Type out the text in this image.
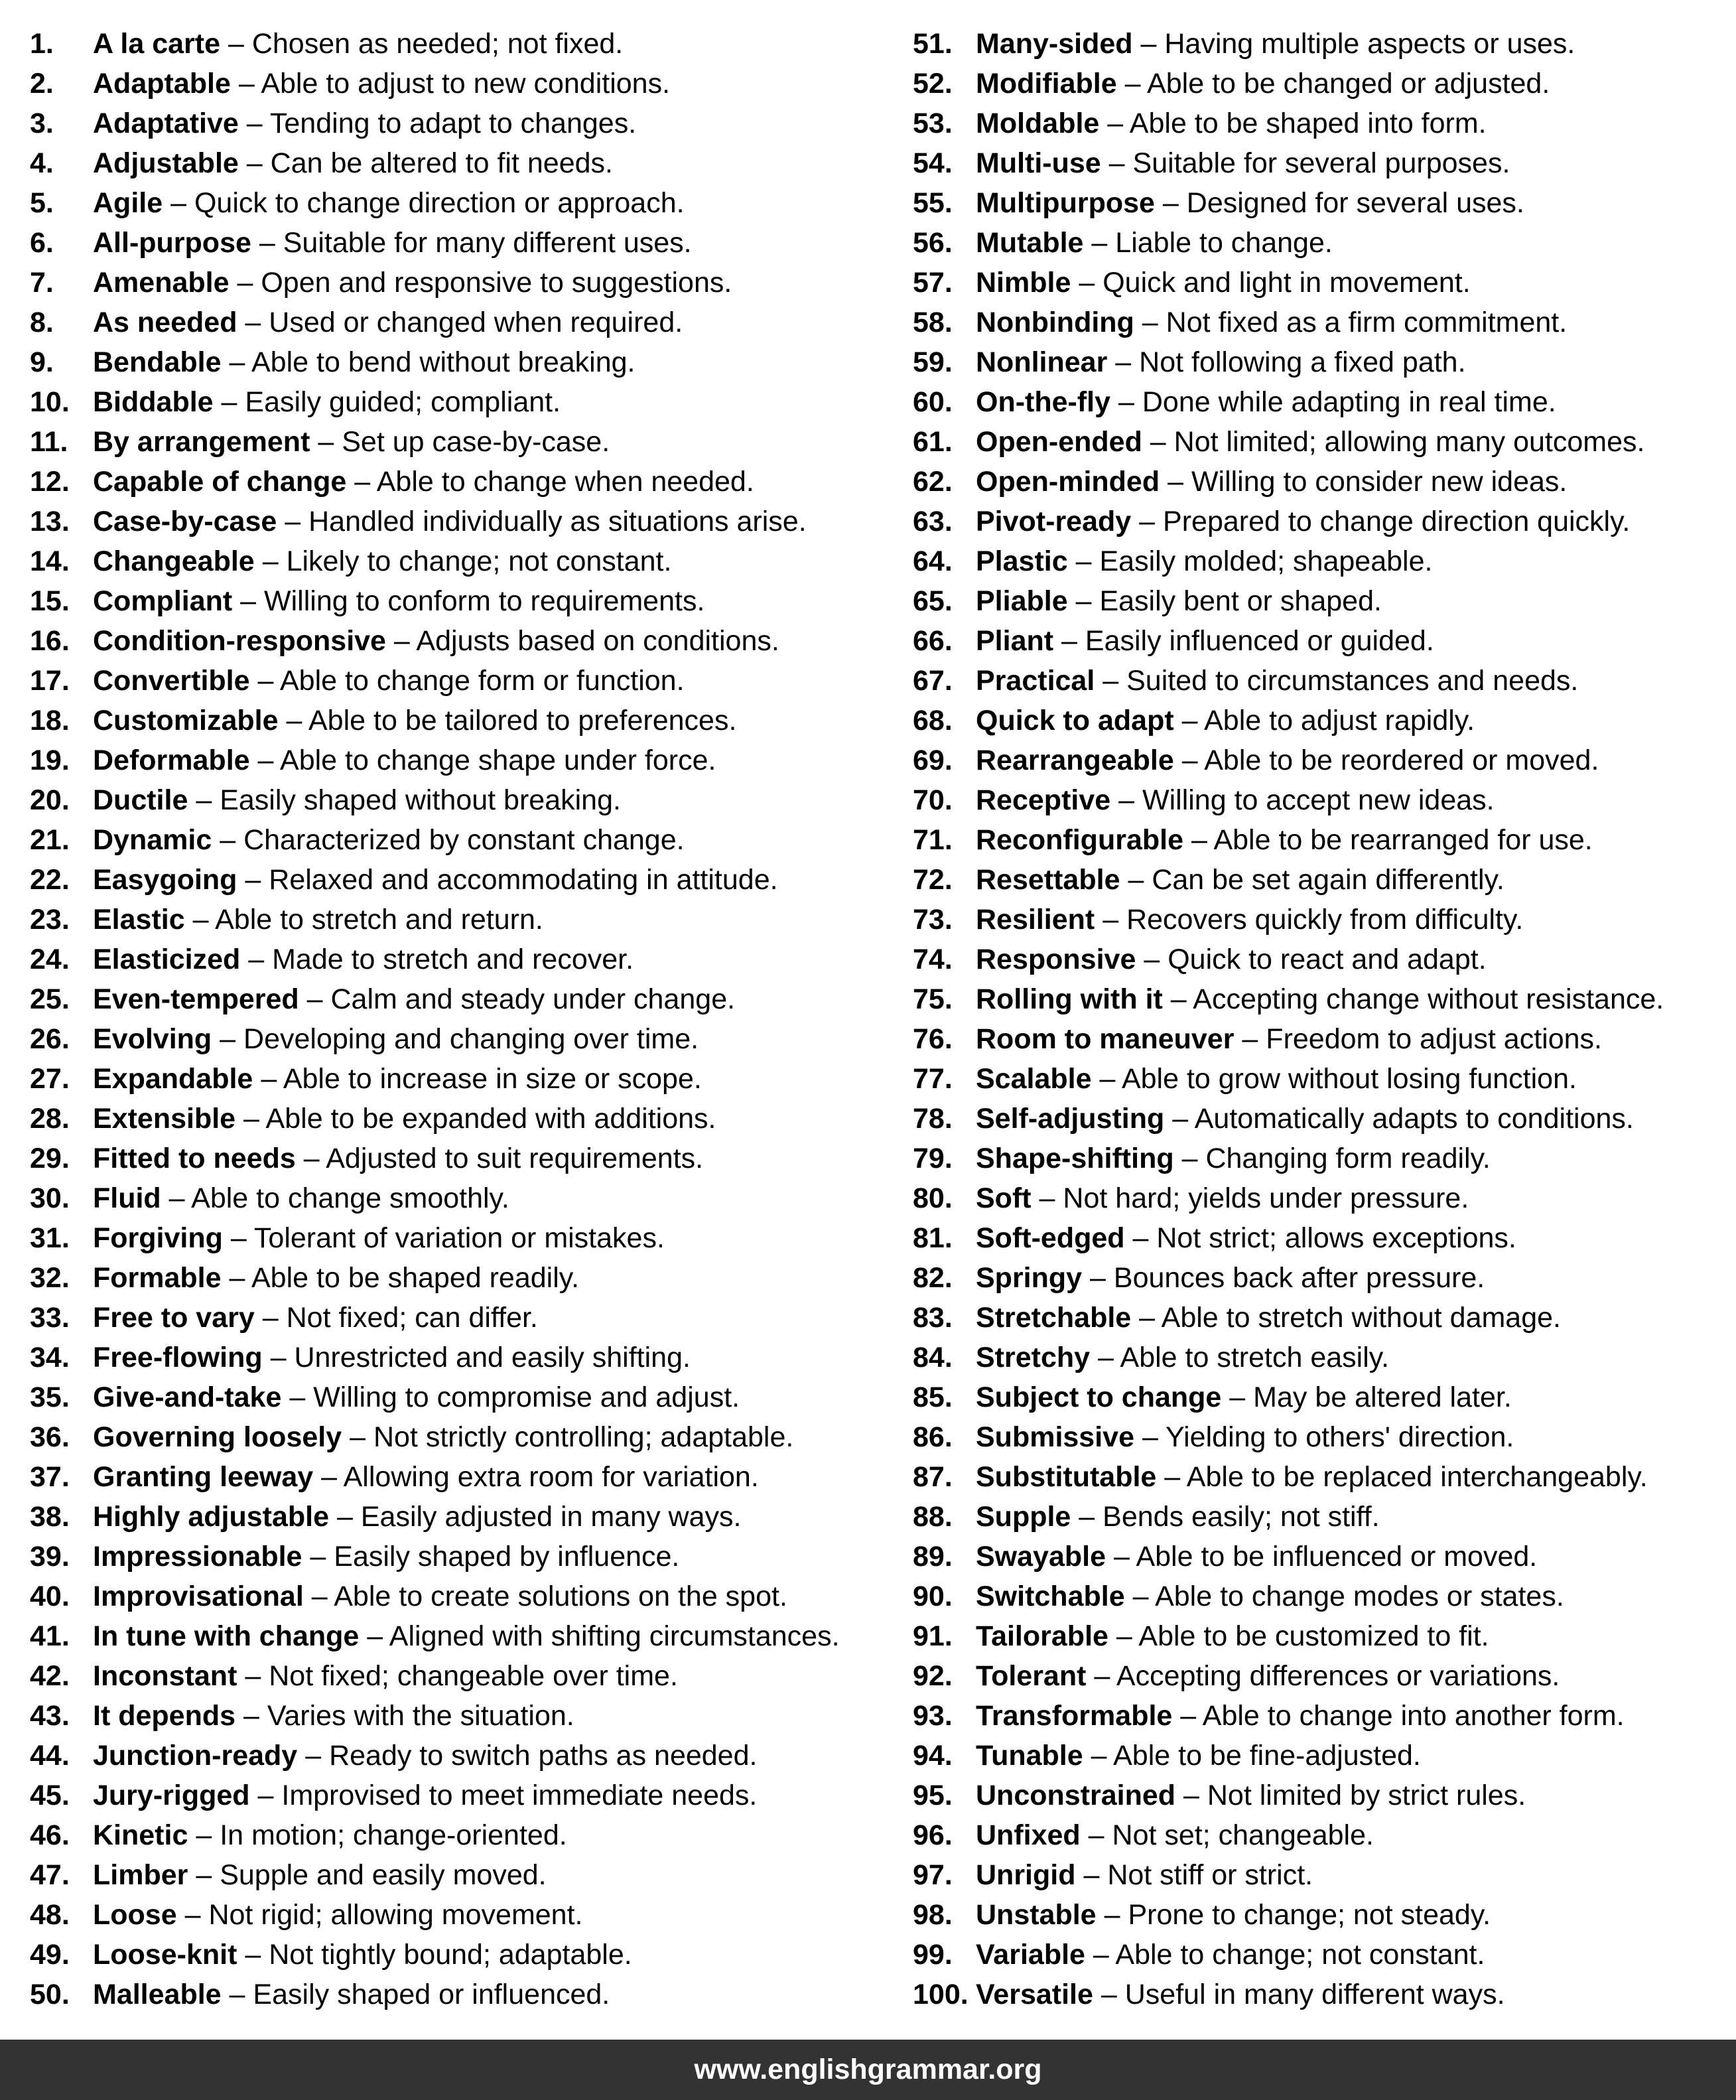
1. A la carte – Chosen as needed; not fixed.
2. Adaptable – Able to adjust to new conditions.
3. Adaptative – Tending to adapt to changes.
4. Adjustable – Can be altered to fit needs.
5. Agile – Quick to change direction or approach.
6. All-purpose – Suitable for many different uses.
7. Amenable – Open and responsive to suggestions.
8. As needed – Used or changed when required.
9. Bendable – Able to bend without breaking.
10. Biddable – Easily guided; compliant.
11. By arrangement – Set up case-by-case.
12. Capable of change – Able to change when needed.
13. Case-by-case – Handled individually as situations arise.
14. Changeable – Likely to change; not constant.
15. Compliant – Willing to conform to requirements.
16. Condition-responsive – Adjusts based on conditions.
17. Convertible – Able to change form or function.
18. Customizable – Able to be tailored to preferences.
19. Deformable – Able to change shape under force.
20. Ductile – Easily shaped without breaking.
21. Dynamic – Characterized by constant change.
22. Easygoing – Relaxed and accommodating in attitude.
23. Elastic – Able to stretch and return.
24. Elasticized – Made to stretch and recover.
25. Even-tempered – Calm and steady under change.
26. Evolving – Developing and changing over time.
27. Expandable – Able to increase in size or scope.
28. Extensible – Able to be expanded with additions.
29. Fitted to needs – Adjusted to suit requirements.
30. Fluid – Able to change smoothly.
31. Forgiving – Tolerant of variation or mistakes.
32. Formable – Able to be shaped readily.
33. Free to vary – Not fixed; can differ.
34. Free-flowing – Unrestricted and easily shifting.
35. Give-and-take – Willing to compromise and adjust.
36. Governing loosely – Not strictly controlling; adaptable.
37. Granting leeway – Allowing extra room for variation.
38. Highly adjustable – Easily adjusted in many ways.
39. Impressionable – Easily shaped by influence.
40. Improvisational – Able to create solutions on the spot.
41. In tune with change – Aligned with shifting circumstances.
42. Inconstant – Not fixed; changeable over time.
43. It depends – Varies with the situation.
44. Junction-ready – Ready to switch paths as needed.
45. Jury-rigged – Improvised to meet immediate needs.
46. Kinetic – In motion; change-oriented.
47. Limber – Supple and easily moved.
48. Loose – Not rigid; allowing movement.
49. Loose-knit – Not tightly bound; adaptable.
50. Malleable – Easily shaped or influenced.
51. Many-sided – Having multiple aspects or uses.
52. Modifiable – Able to be changed or adjusted.
53. Moldable – Able to be shaped into form.
54. Multi-use – Suitable for several purposes.
55. Multipurpose – Designed for several uses.
56. Mutable – Liable to change.
57. Nimble – Quick and light in movement.
58. Nonbinding – Not fixed as a firm commitment.
59. Nonlinear – Not following a fixed path.
60. On-the-fly – Done while adapting in real time.
61. Open-ended – Not limited; allowing many outcomes.
62. Open-minded – Willing to consider new ideas.
63. Pivot-ready – Prepared to change direction quickly.
64. Plastic – Easily molded; shapeable.
65. Pliable – Easily bent or shaped.
66. Pliant – Easily influenced or guided.
67. Practical – Suited to circumstances and needs.
68. Quick to adapt – Able to adjust rapidly.
69. Rearrangeable – Able to be reordered or moved.
70. Receptive – Willing to accept new ideas.
71. Reconfigurable – Able to be rearranged for use.
72. Resettable – Can be set again differently.
73. Resilient – Recovers quickly from difficulty.
74. Responsive – Quick to react and adapt.
75. Rolling with it – Accepting change without resistance.
76. Room to maneuver – Freedom to adjust actions.
77. Scalable – Able to grow without losing function.
78. Self-adjusting – Automatically adapts to conditions.
79. Shape-shifting – Changing form readily.
80. Soft – Not hard; yields under pressure.
81. Soft-edged – Not strict; allows exceptions.
82. Springy – Bounces back after pressure.
83. Stretchable – Able to stretch without damage.
84. Stretchy – Able to stretch easily.
85. Subject to change – May be altered later.
86. Submissive – Yielding to others' direction.
87. Substitutable – Able to be replaced interchangeably.
88. Supple – Bends easily; not stiff.
89. Swayable – Able to be influenced or moved.
90. Switchable – Able to change modes or states.
91. Tailorable – Able to be customized to fit.
92. Tolerant – Accepting differences or variations.
93. Transformable – Able to change into another form.
94. Tunable – Able to be fine-adjusted.
95. Unconstrained – Not limited by strict rules.
96. Unfixed – Not set; changeable.
97. Unrigid – Not stiff or strict.
98. Unstable – Prone to change; not steady.
99. Variable – Able to change; not constant.
100. Versatile – Useful in many different ways.
www.englishgrammar.org
